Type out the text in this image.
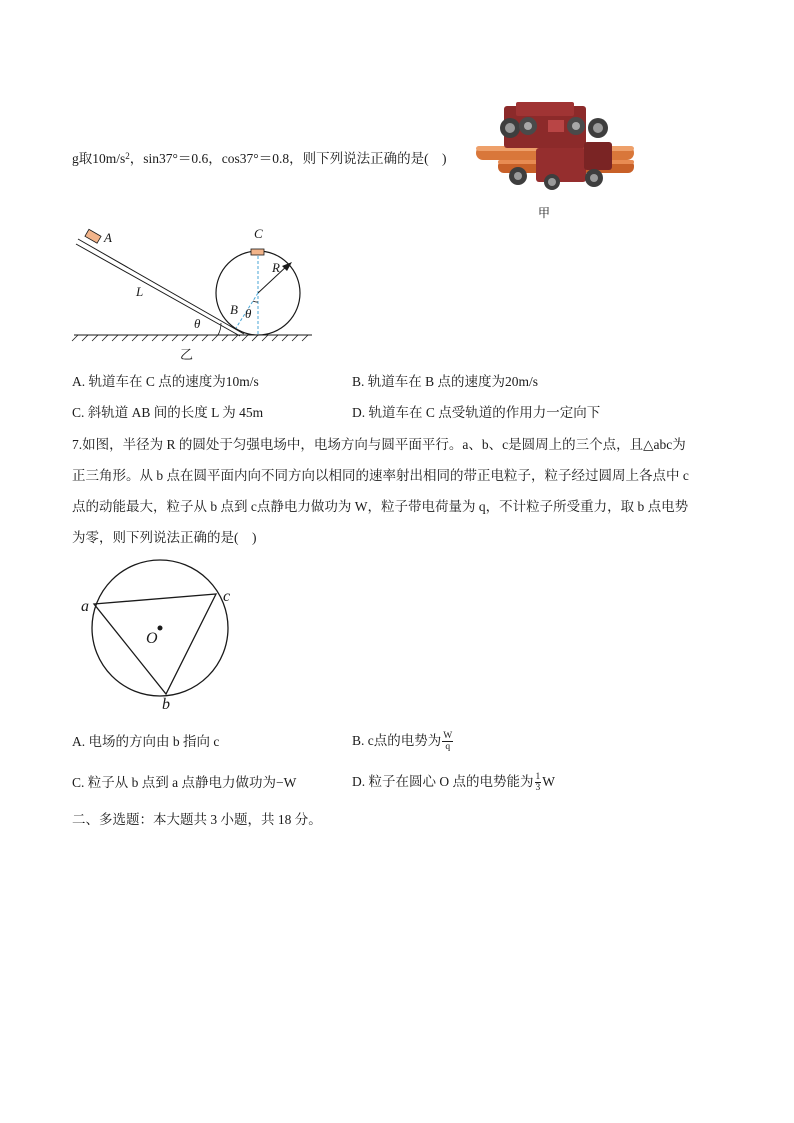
g取$10m/s^2$，sin37°＝0.6，cos37°＝0.8，则下列说法正确的是(　)
甲
A	C
L
R
B
θ
θ
乙
A. 轨道车在 C 点的速度为10m/s	B. 轨道车在 B 点的速度为20m/s
C. 斜轨道 AB 间的长度 L 为 45m	D. 轨道车在 C 点受轨道的作用力一定向下
7.如图，半径为 R 的圆处于匀强电场中，电场方向与圆平面平行。a、b、c是圆周上的三个点，且△abc为
正三角形。从 b 点在圆平面内向不同方向以相同的速率射出相同的带正电粒子，粒子经过圆周上各点中 c
点的动能最大，粒子从 b 点到 c点静电力做功为 W，粒子带电荷量为 q，不计粒子所受重力，取 b 点电势
为零，则下列说法正确的是(　)
a
c
O
b
A. 电场的方向由 b 指向 c	B. c点的电势为 $\frac{W}{q}$
C. 粒子从 b 点到 a 点静电力做功为−W	D. 粒子在圆心 O 点的电势能为 $\frac{1}{3}$ W
二、多选题：本大题共 3 小题，共 18 分。
